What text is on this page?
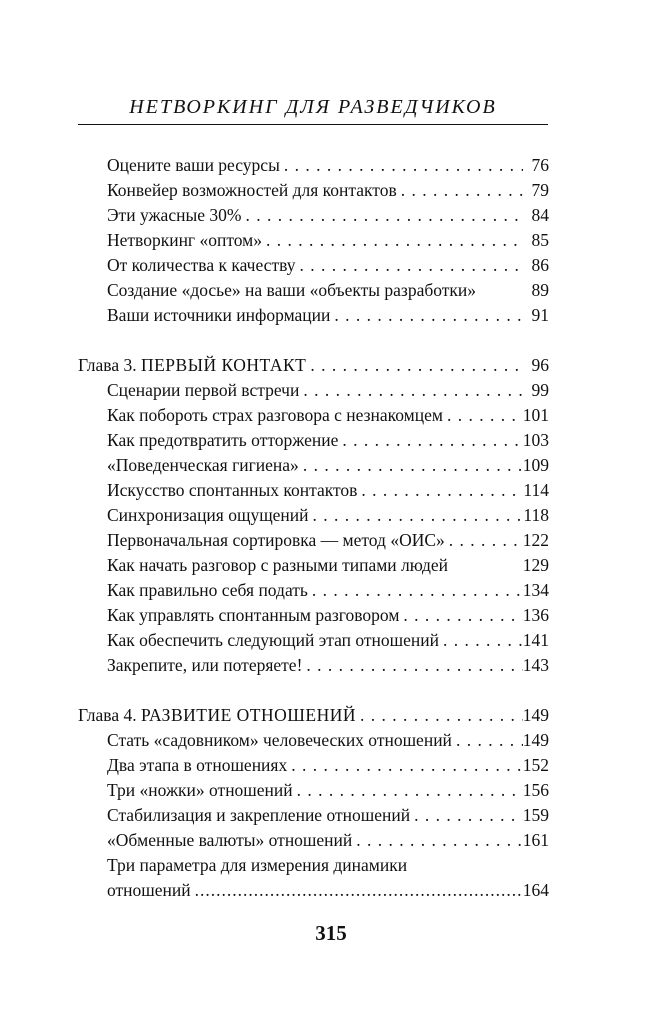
НЕТВОРКИНГ ДЛЯ РАЗВЕДЧИКОВ
Оцените ваши ресурсы . . .	76
Конвейер возможностей для контактов . . .	79
Эти ужасные 30% . . .	84
Нетворкинг «оптом» . . .	85
От количества к качеству . . .	86
Создание «досье» на ваши «объекты разработки»	89
Ваши источники информации . . .	91
Глава 3. ПЕРВЫЙ КОНТАКТ . . .	96
Сценарии первой встречи . . .	99
Как побороть страх разговора с незнакомцем . . .	101
Как предотвратить отторжение . . .	103
«Поведенческая гигиена» . . .	109
Искусство спонтанных контактов . . .	114
Синхронизация ощущений . . .	118
Первоначальная сортировка — метод «ОИС» . . .	122
Как начать разговор с разными типами людей	129
Как правильно себя подать . . .	134
Как управлять спонтанным разговором . . .	136
Как обеспечить следующий этап отношений . . .	141
Закрепите, или потеряете! . . .	143
Глава 4. РАЗВИТИЕ ОТНОШЕНИЙ . . .	149
Стать «садовником» человеческих отношений . . .	149
Два этапа в отношениях . . .	152
Три «ножки» отношений . . .	156
Стабилизация и закрепление отношений . . .	159
«Обменные валюты» отношений . . .	161
Три параметра для измерения динамики
отношений .....	164
315
